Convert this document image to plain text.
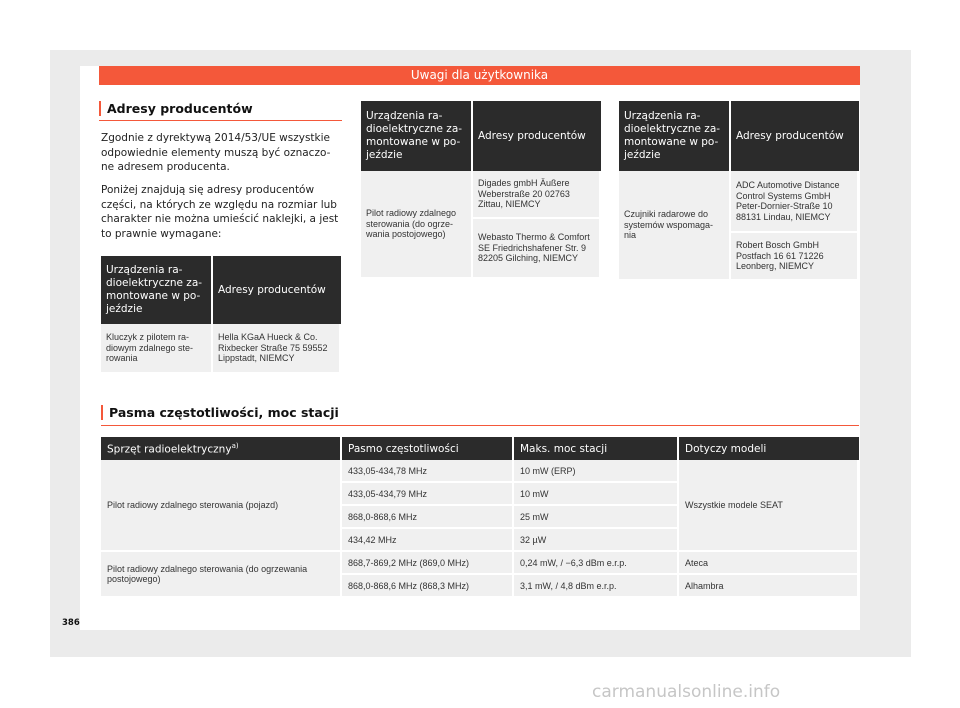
Uwagi dla użytkownika
Adresy producentów
Zgodnie z dyrektywą 2014/53/UE wszystkie odpowiednie elementy muszą być oznaczo-ne adresem producenta.
Poniżej znajdują się adresy producentów części, na których ze względu na rozmiar lub charakter nie można umieścić naklejki, a jest to prawnie wymagane:
Urządzenia ra-dioelektryczne za-montowane w po-jeździe	Adresy producentów
Kluczyk z pilotem ra-diowym zdalnego ste-rowania	Hella KGaA Hueck & Co. Rixbecker Straße 75 59552 Lippstadt, NIEMCY
Urządzenia ra-dioelektryczne za-montowane w po-jeździe	Adresy producentów
Pilot radiowy zdalnego sterowania (do ogrze-wania postojowego)	Digades gmbH Äußere Weberstraße 20 02763 Zittau, NIEMCY
	Webasto Thermo & Comfort SE Friedrichshafener Str. 9 82205 Gilching, NIEMCY
Urządzenia ra-dioelektryczne za-montowane w po-jeździe	Adresy producentów
Czujniki radarowe do systemów wspomaga-nia	ADC Automotive Distance Control Systems GmbH Peter-Dornier-Straße 10 88131 Lindau, NIEMCY
	Robert Bosch GmbH Postfach 16 61 71226 Leonberg, NIEMCY
Pasma częstotliwości, moc stacji
Sprzęt radioelektryczny$^{a)}$	Pasmo częstotliwości	Maks. moc stacji	Dotyczy modeli
Pilot radiowy zdalnego sterowania (pojazd)	433,05-434,78 MHz	10 mW (ERP)	Wszystkie modele SEAT
	433,05-434,79 MHz	10 mW	
	868,0-868,6 MHz	25 mW	
	434,42 MHz	32 µW	
Pilot radiowy zdalnego sterowania (do ogrzewania postojowego)	868,7-869,2 MHz (869,0 MHz)	0,24 mW, / −6,3 dBm e.r.p.	Ateca
	868,0-868,6 MHz (868,3 MHz)	3,1 mW, / 4,8 dBm e.r.p.	Alhambra
386
carmanualsonline.info
